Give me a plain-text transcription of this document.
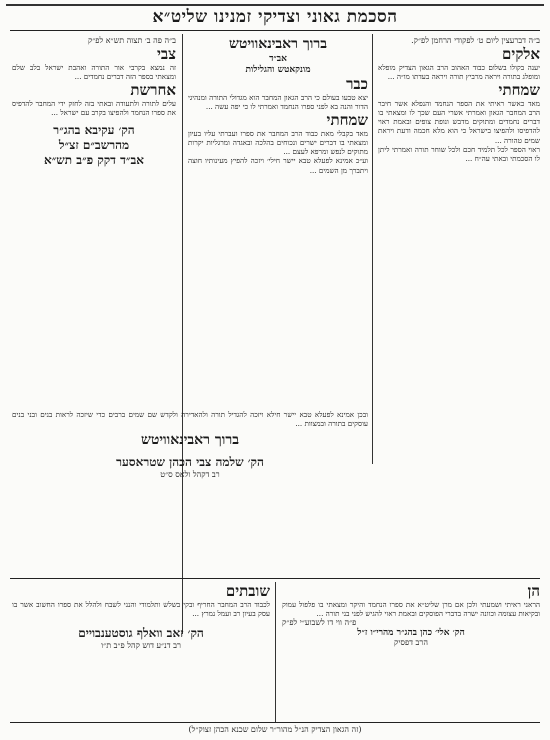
הסכמת גאוני וצדיקי זמנינו שליט״א
ב״ה דברעצין ליום ט׳ לפקודי הרחמן לפ״ק.
אלקים
יענה בקולו בשלום כבוד האהוב הרב הגאון הצדיק מופלא ומופלג בתורה ויראה מרביץ תורה ויראה בעדתו מו״ה ...
שמחתי
מאד כאשר ראיתי את הספר הנחמד והנפלא אשר חיבר הרב המחבר הגאון ואמרתי אשרי העם שכך לו ומצאתי בו דברים נחמדים ומתוקים מדבש ונופת צופים ובאמת ראוי להדפיסו ולהפיצו בישראל כי הוא מלא חכמה ודעת ויראת שמים טהורה ...
ראוי הספר לכל תלמיד חכם ולכל שוחר תורה ואמרתי ליתן לו הסכמתי ובאתי עה״ח ...
ברוך ראבינאוויטש
אב״ד
מונקאטש והגלילות
כבר
יצא טבעו בעולם כי הרב הגאון המחבר הוא מגדולי התורה ומנהיגי הדור והנה בא לפני ספרו הנחמד ואמרתי לו כי יפה עשה ...
שמחתי
מאד בקבלי מאת כבוד הרב המחבר את ספרו ועברתי עליו בעיון ומצאתי בו דברים ישרים ונכוחים בהלכה ובאגדה ומרגליות יקרות מתוקים לנפש ומרפא לעצם ...
וע״כ אמינא לפעלא טבא יישר חילי׳ ויזכה להפיץ מעינותיו חוצה ויתברך מן השמים ...
ב״ה פה ב׳ תצוה תש״א לפ״ק
צבי
זה נמצא בקרבי אור התורה ואהבת ישראל בלב שלם ומצאתי בספר הזה דברים נחמדים ...
אחרשת
עלים לתורה ולתעודה ובאתי בזה לחזק ידי המחבר להדפיס את ספרו הנחמד ולהפיצו בקרב עם ישראל ...
הק׳ עקיבא בהג״ר
מהרשב״ם זצ״ל
אב״ד דקק פ״ב תש״א
ובכן אמינא לפעלא טבא יישר חילא ויזכה להגדיל תורה ולהאדירה ולקדש שם שמים ברבים כדי שיזכה לראות בנים ובני בנים עוסקים בתורה ובמצוות ...
ברוך ראבינאוויטש
הק׳ שלמה צבי הכהן שטראסער
רב דקהל ולאס ס״ט
הן
הראני ראיתי ושמעתי ולכן אם מרן שליט״א את ספרו הנחמד והיקר ומצאתי בו פלפול עמוק ובקיאות עצומה וכוונה ישרה בדברי הפוסקים ובאמת ראוי להגיש לפני בני תורה ...
פ״ה ווי דו לשבוע״י לפ״ק
הק׳ אלי׳ כהן בהג״ר מהרי״ו ז״ל
הרב דפסיק
שובתים
לכבוד הרב המחבר החריף ובקי בשלש ותלמודי והנני לשבח ולהלל את ספרו החשוב אשר בו עסק בעיון רב ועמל נמרץ ...
הק׳ זאב וואלף גוסטענבויים
רב דנ״ע דוש קהל פ״ב ת״ו
(זה הגאון הצדיק הנ״ל מהור״ר שלום שכנא הכהן זצוק״ל)
